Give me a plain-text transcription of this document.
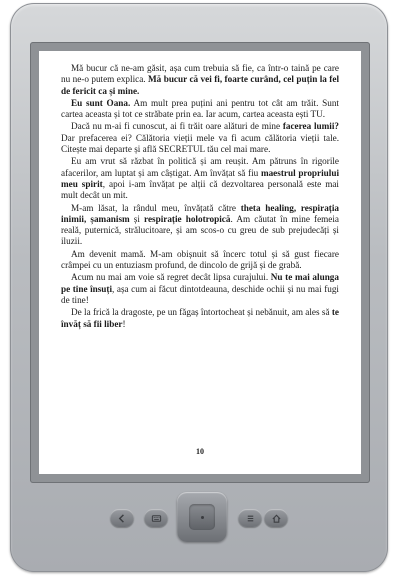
Mă bucur că ne-am găsit, așa cum trebuia să fie, ca într-o taină pe care nu ne-o putem explica. Mă bucur că vei fi, foarte curând, cel puțin la fel de fericit ca și mine.

Eu sunt Oana. Am mult prea puțini ani pentru tot cât am trăit. Sunt cartea aceasta și tot ce străbate prin ea. Iar acum, cartea aceasta ești TU.

Dacă nu m-ai fi cunoscut, ai fi trăit oare alături de mine facerea lumii? Dar prefacerea ei? Călătoria vieții mele va fi acum călătoria vieții tale. Citește mai departe și află SECRETUL tău cel mai mare.

Eu am vrut să răzbat în politică și am reușit. Am pătruns în rigorile afacerilor, am luptat și am câștigat. Am învățat să fiu maestrul propriului meu spirit, apoi i-am învățat pe alții că dezvoltarea personală este mai mult decât un mit.

M-am lăsat, la rândul meu, învățată către theta healing, respirația inimii, șamanism și respirație holotropică. Am căutat în mine femeia reală, puternică, strălucitoare, și am scos-o cu greu de sub prejudecăți și iluzii.

Am devenit mamă. M-am obișnuit să încerc totul și să gust fiecare crâmpei cu un entuziasm profund, de dincolo de grijă și de grabă.

Acum nu mai am voie să regret decât lipsa curajului. Nu te mai alunga pe tine însuți, așa cum ai făcut dintotdeauna, deschide ochii și nu mai fugi de tine!

De la frică la dragoste, pe un făgaș întortocheat și nebănuit, am ales să te învăț să fii liber!

10
